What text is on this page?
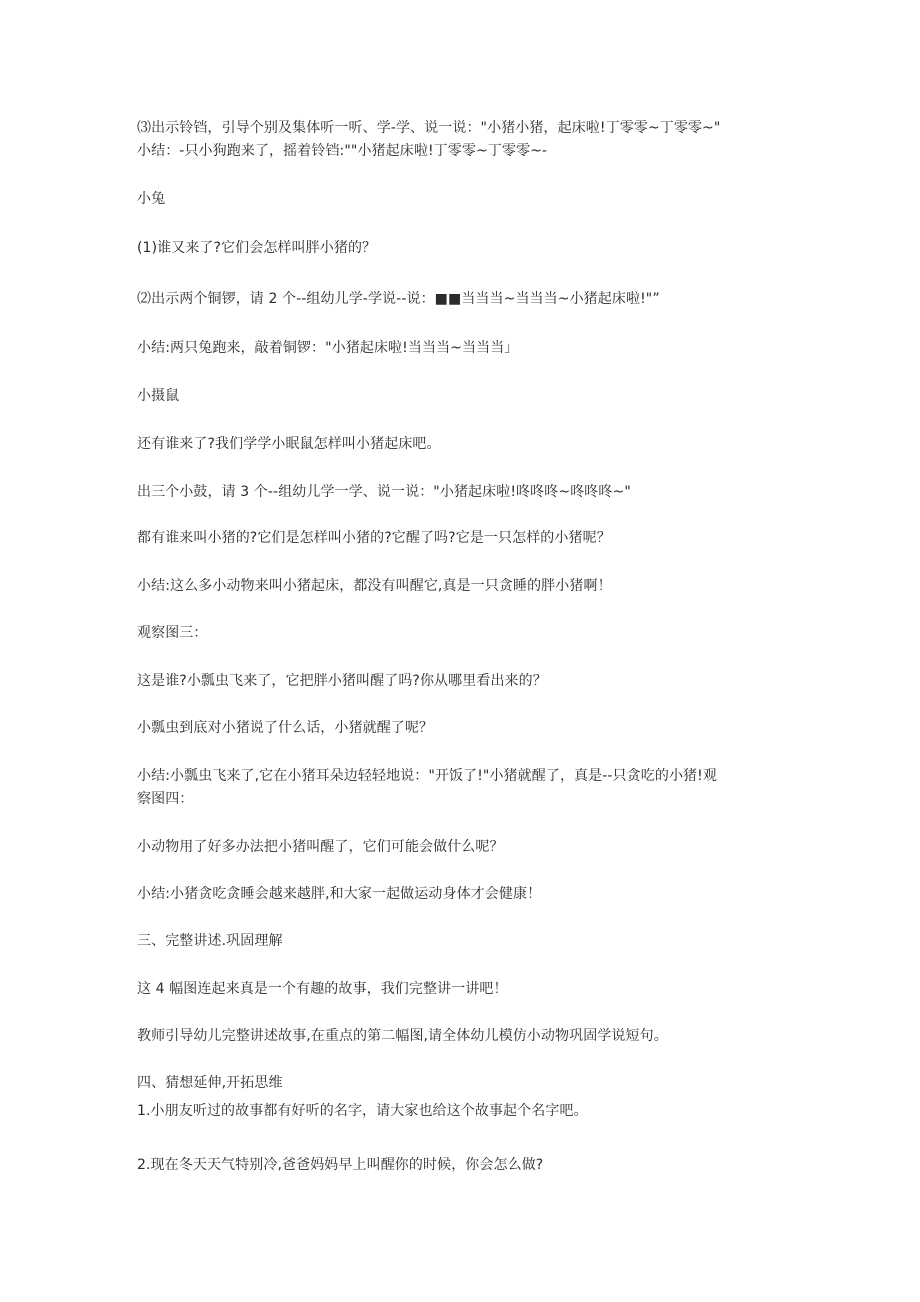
⑶出示铃铛，引导个别及集体听一听、学-学、说一说："小猪小猪，起床啦!丁零零~丁零零~"
小结：-只小狗跑来了，摇着铃铛:""小猪起床啦!丁零零~丁零零~-
小兔
(1)谁又来了?它们会怎样叫胖小猪的？
⑵出示两个铜锣，请 2 个--组幼儿学-学说--说：■■当当当~当当当~小猪起床啦!"”
小结:两只兔跑来，敲着铜锣："小猪起床啦!当当当~当当当」
小摄鼠
还有谁来了?我们学学小眠鼠怎样叫小猪起床吧。
出三个小鼓，请 3 个--组幼儿学一学、说一说："小猪起床啦!咚咚咚~咚咚咚~"
都有谁来叫小猪的?它们是怎样叫小猪的?它醒了吗?它是一只怎样的小猪呢？
小结:这么多小动物来叫小猪起床，都没有叫醒它,真是一只贪睡的胖小猪啊！
观察图三：
这是谁?小瓢虫飞来了，它把胖小猪叫醒了吗?你从哪里看出来的？
小瓢虫到底对小猪说了什么话，小猪就醒了呢？
小结:小瓢虫飞来了,它在小猪耳朵边轻轻地说："开饭了!"小猪就醒了，真是--只贪吃的小猪!观
察图四：
小动物用了好多办法把小猪叫醒了，它们可能会做什么呢？
小结:小猪贪吃贪睡会越来越胖,和大家一起做运动身体才会健康！
三、完整讲述.巩固理解
这 4 幅图连起来真是一个有趣的故事，我们完整讲一讲吧！
教师引导幼儿完整讲述故事,在重点的第二幅图,请全体幼儿模仿小动物巩固学说短句。
四、猜想延伸,开拓思维
1.小朋友听过的故事都有好听的名字，请大家也给这个故事起个名字吧。
2.现在冬天天气特别冷,爸爸妈妈早上叫醒你的时候，你会怎么做?
